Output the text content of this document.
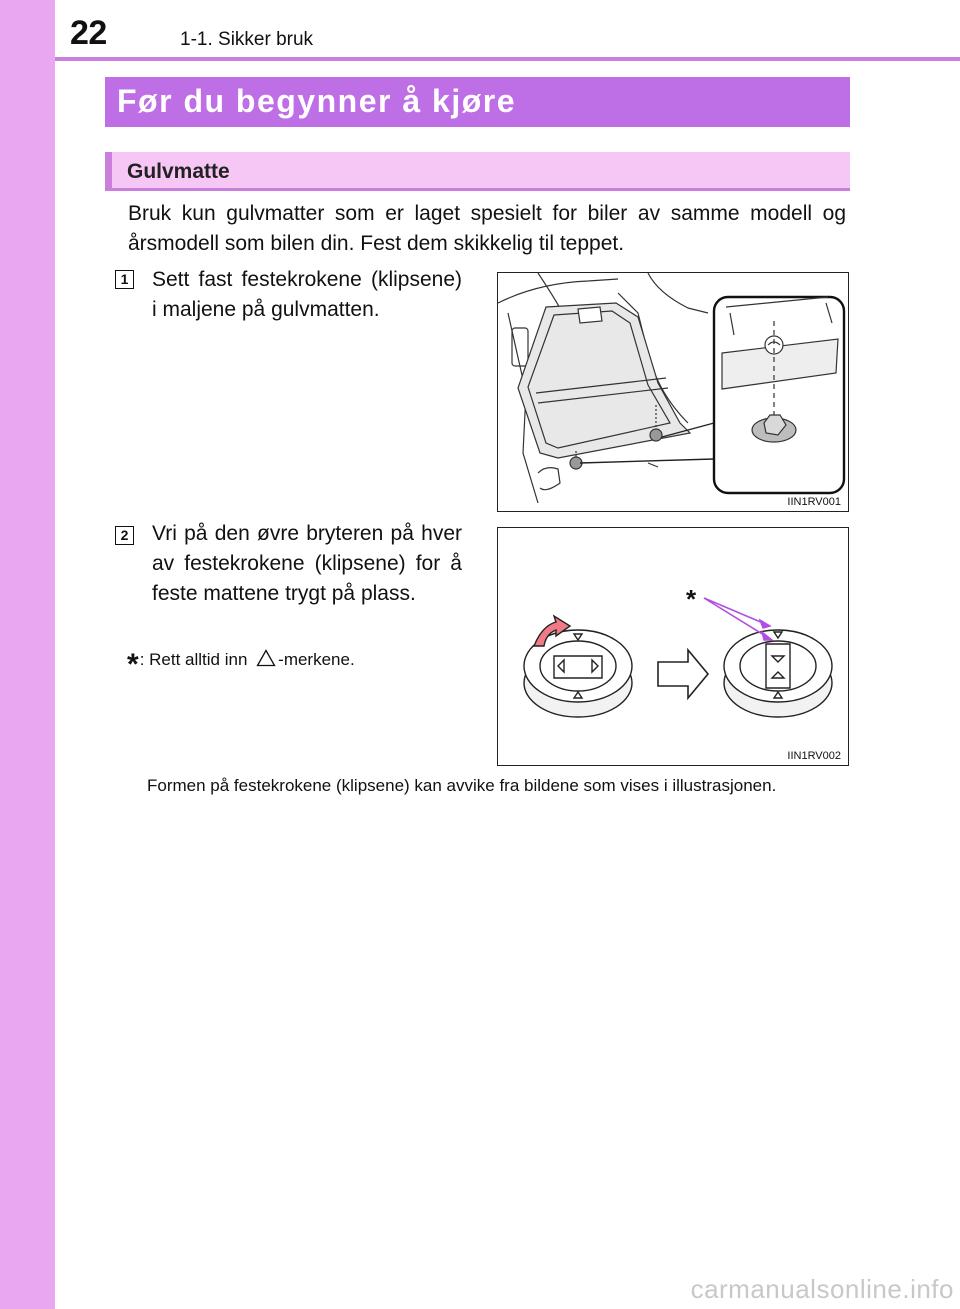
22	1-1. Sikker bruk
Før du begynner å kjøre
Gulvmatte
Bruk kun gulvmatter som er laget spesielt for biler av samme modell og årsmodell som bilen din. Fest dem skikkelig til teppet.
1 Sett fast festekrokene (klipsene) i maljene på gulvmatten.
IIN1RV001
2 Vri på den øvre bryteren på hver av festekrokene (klipsene) for å feste mattene trygt på plass.	*
IIN1RV002
*: Rett alltid inn -merkene.
Formen på festekrokene (klipsene) kan avvike fra bildene som vises i illustrasjonen.
carmanualsonline.info
